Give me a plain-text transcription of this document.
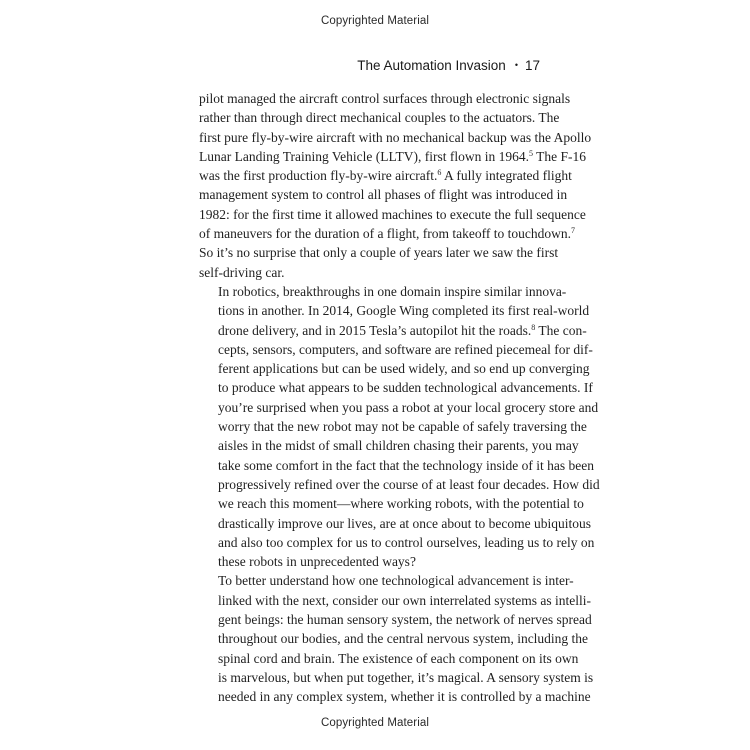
Copyrighted Material
The Automation Invasion • 17

pilot managed the aircraft control surfaces through electronic signals
rather than through direct mechanical couples to the actuators. The
first pure fly-by-wire aircraft with no mechanical backup was the Apollo
Lunar Landing Training Vehicle (LLTV), first flown in 1964.$^5$ The F-16
was the first production fly-by-wire aircraft.$^6$ A fully integrated flight
management system to control all phases of flight was introduced in
1982: for the first time it allowed machines to execute the full sequence
of maneuvers for the duration of a flight, from takeoff to touchdown.$^7$
So it’s no surprise that only a couple of years later we saw the first
self-driving car.

In robotics, breakthroughs in one domain inspire similar innova-
tions in another. In 2014, Google Wing completed its first real-world
drone delivery, and in 2015 Tesla’s autopilot hit the roads.$^8$ The con-
cepts, sensors, computers, and software are refined piecemeal for dif-
ferent applications but can be used widely, and so end up converging
to produce what appears to be sudden technological advancements. If
you’re surprised when you pass a robot at your local grocery store and
worry that the new robot may not be capable of safely traversing the
aisles in the midst of small children chasing their parents, you may
take some comfort in the fact that the technology inside of it has been
progressively refined over the course of at least four decades. How did
we reach this moment—where working robots, with the potential to
drastically improve our lives, are at once about to become ubiquitous
and also too complex for us to control ourselves, leading us to rely on
these robots in unprecedented ways?

To better understand how one technological advancement is inter-
linked with the next, consider our own interrelated systems as intelli-
gent beings: the human sensory system, the network of nerves spread
throughout our bodies, and the central nervous system, including the
spinal cord and brain. The existence of each component on its own
is marvelous, but when put together, it’s magical. A sensory system is
needed in any complex system, whether it is controlled by a machine

Copyrighted Material
